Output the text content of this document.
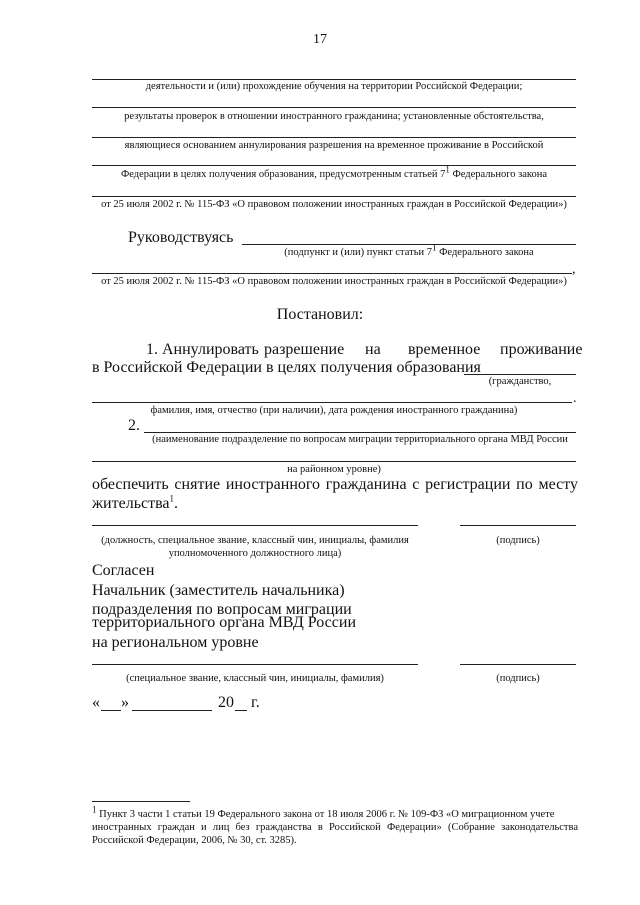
17
деятельности и (или) прохождение обучения на территории Российской Федерации;
результаты проверок в отношении иностранного гражданина; установленные обстоятельства,
являющиеся основанием аннулирования разрешения на временное проживание в Российской
Федерации в целях получения образования, предусмотренным статьей $7^1$ Федерального закона
от 25 июля 2002 г. № 115-ФЗ «О правовом положении иностранных граждан в Российской Федерации»)
Руководствуясь
(подпункт и (или) пункт статьи $7^1$ Федерального закона
,
от 25 июля 2002 г. № 115-ФЗ «О правовом положении иностранных граждан в Российской Федерации»)
Постановил:
1. Аннулировать разрешение на временное проживание
в Российской Федерации в целях получения образования
(гражданство,
.
фамилия, имя, отчество (при наличии), дата рождения иностранного гражданина)
2.
(наименование подразделение по вопросам миграции территориального органа МВД России
на районном уровне)
обеспечить снятие иностранного гражданина с регистрации по месту
жительства$^1$.
(должность, специальное звание, классный чин, инициалы, фамилия
уполномоченного должностного лица)
(подпись)
Согласен
Начальник (заместитель начальника)
подразделения по вопросам миграции
территориального органа МВД России
на региональном уровне
(специальное звание, классный чин, инициалы, фамилия)	(подпись)
« »	20 г.
$^1$ Пункт 3 части 1 статьи 19 Федерального закона от 18 июля 2006 г. № 109-ФЗ «О миграционном учете
иностранных граждан и лиц без гражданства в Российской Федерации» (Собрание законодательства
Российской Федерации, 2006, № 30, ст. 3285).
